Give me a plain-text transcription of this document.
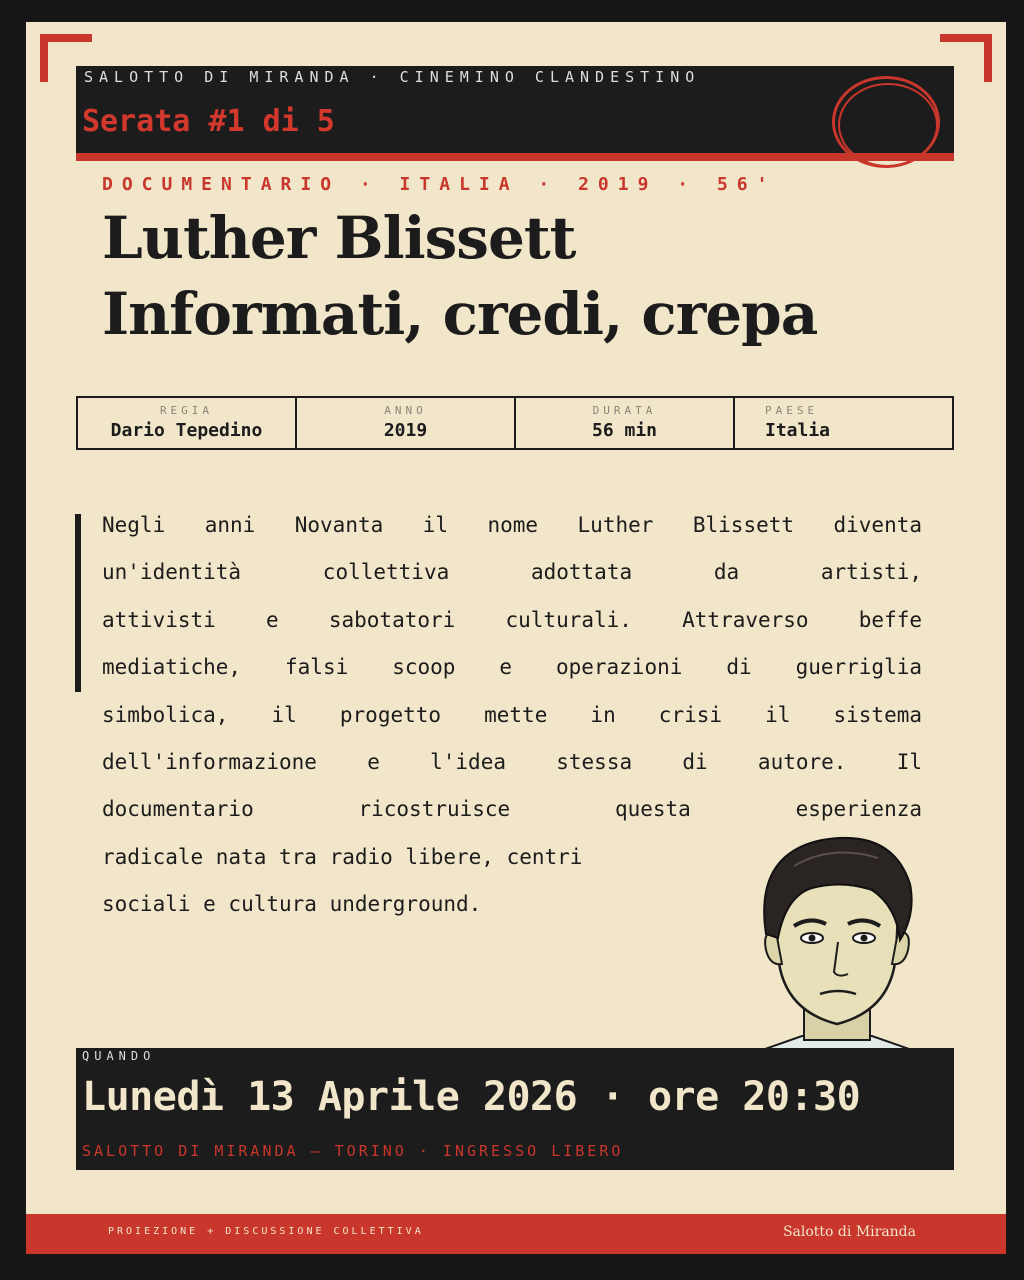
SALOTTO DI MIRANDA · CINEMINO CLANDESTINO
Serata #1 di 5
DOCUMENTARIO · ITALIA · 2019 · 56'
Luther Blissett
Informati, credi, crepa
REGIA
Dario Tepedino
ANNO
2019
DURATA
56 min
PAESE
Italia
Negli anni Novanta il nome Luther Blissett diventa
un'identità collettiva adottata da artisti,
attivisti e sabotatori culturali. Attraverso beffe
mediatiche, falsi scoop e operazioni di guerriglia
simbolica, il progetto mette in crisi il sistema
dell'informazione e l'idea stessa di autore. Il
documentario ricostruisce questa esperienza
radicale nata tra radio libere, centri
sociali e cultura underground.
QUANDO
Lunedì 13 Aprile 2026 · ore 20:30
SALOTTO DI MIRANDA — TORINO · INGRESSO LIBERO
PROIEZIONE + DISCUSSIONE COLLETTIVA	Salotto di Miranda
